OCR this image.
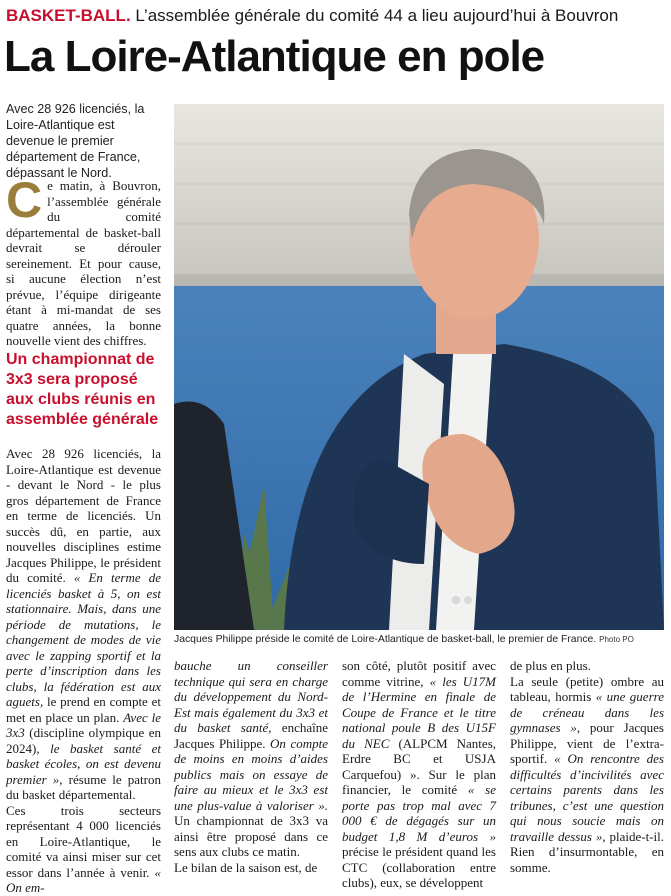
BASKET-BALL. L’assemblée générale du comité 44 a lieu aujourd’hui à Bouvron
La Loire-Atlantique en pole
Avec 28 926 licenciés, la Loire-Atlantique est devenue le premier département de France, dépassant le Nord.
Ce matin, à Bouvron, l’assemblée générale du comité départemental de basket-ball devrait se dérouler sereinement. Et pour cause, si aucune élection n’est prévue, l’équipe dirigeante étant à mi-mandat de ses quatre années, la bonne nouvelle vient des chiffres.
Un championnat de 3x3 sera proposé aux clubs réunis en assemblée générale

Avec 28 926 licenciés, la Loire-Atlantique est devenue - devant le Nord - le plus gros département de France en terme de licenciés. Un succès dû, en partie, aux nouvelles disciplines estime Jacques Philippe, le président du comité. « En terme de licenciés basket à 5, on est stationnaire. Mais, dans une période de mutations, le changement de modes de vie avec le zapping sportif et la perte d’inscription dans les clubs, la fédération est aux aguets, le prend en compte et met en place un plan. Avec le 3x3 (discipline olympique en 2024), le basket santé et basket écoles, on est devenu premier », résume le patron du basket départemental.

Ces trois secteurs représentant 4 000 licenciés en Loire-Atlantique, le comité va ainsi miser sur cet essor dans l’année à venir. « On em-

Jacques Philippe préside le comité de Loire-Atlantique de basket-ball, le premier de France. Photo PO

bauche un conseiller technique qui sera en charge du développement du Nord-Est mais également du 3x3 et du basket santé, enchaîne Jacques Philippe. On compte de moins en moins d’aides publics mais on essaye de faire au mieux et le 3x3 est une plus-value à valoriser ». Un championnat de 3x3 va ainsi être proposé dans ce sens aux clubs ce matin.

Le bilan de la saison est, de

son côté, plutôt positif avec comme vitrine, « les U17M de l’Hermine en finale de Coupe de France et le titre national poule B des U15F du NEC (ALPCM Nantes, Erdre BC et USJA Carquefou) ». Sur le plan financier, le comité « se porte pas trop mal avec 7 000 € de dégagés sur un budget 1,8 M d’euros » précise le président quand les CTC (collaboration entre clubs), eux, se développent

de plus en plus.

La seule (petite) ombre au tableau, hormis « une guerre de créneau dans les gymnases », pour Jacques Philippe, vient de l’extra-sportif. « On rencontre des difficultés d’incivilités avec certains parents dans les tribunes, c’est une question qui nous soucie mais on travaille dessus », plaide-t-il. Rien d’insurmontable, en somme.
